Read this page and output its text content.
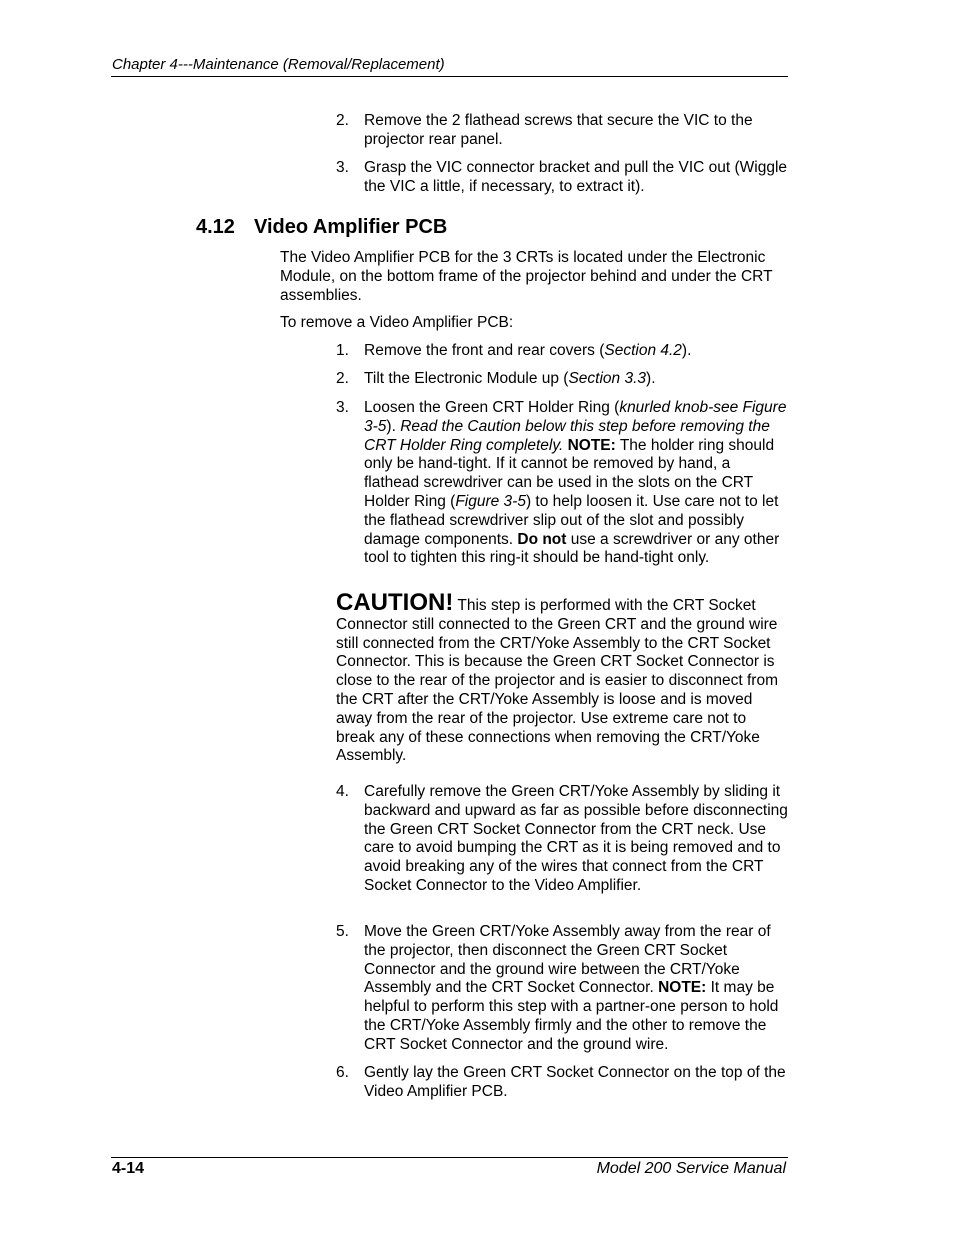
Chapter 4---Maintenance (Removal/Replacement)
2. Remove the 2 flathead screws that secure the VIC to the projector rear panel.
3. Grasp the VIC connector bracket and pull the VIC out (Wiggle the VIC a little, if necessary, to extract it).
4.12 Video Amplifier PCB
The Video Amplifier PCB for the 3 CRTs is located under the Electronic Module, on the bottom frame of the projector behind and under the CRT assemblies.
To remove a Video Amplifier PCB:
1. Remove the front and rear covers (Section 4.2).
2. Tilt the Electronic Module up (Section 3.3).
3. Loosen the Green CRT Holder Ring (knurled knob-see Figure 3-5). Read the Caution below this step before removing the CRT Holder Ring completely. NOTE: The holder ring should only be hand-tight. If it cannot be removed by hand, a flathead screwdriver can be used in the slots on the CRT Holder Ring (Figure 3-5) to help loosen it. Use care not to let the flathead screwdriver slip out of the slot and possibly damage components. Do not use a screwdriver or any other tool to tighten this ring-it should be hand-tight only.
CAUTION! This step is performed with the CRT Socket Connector still connected to the Green CRT and the ground wire still connected from the CRT/Yoke Assembly to the CRT Socket Connector. This is because the Green CRT Socket Connector is close to the rear of the projector and is easier to disconnect from the CRT after the CRT/Yoke Assembly is loose and is moved away from the rear of the projector. Use extreme care not to break any of these connections when removing the CRT/Yoke Assembly.
4. Carefully remove the Green CRT/Yoke Assembly by sliding it backward and upward as far as possible before disconnecting the Green CRT Socket Connector from the CRT neck. Use care to avoid bumping the CRT as it is being removed and to avoid breaking any of the wires that connect from the CRT Socket Connector to the Video Amplifier.
5. Move the Green CRT/Yoke Assembly away from the rear of the projector, then disconnect the Green CRT Socket Connector and the ground wire between the CRT/Yoke Assembly and the CRT Socket Connector. NOTE: It may be helpful to perform this step with a partner-one person to hold the CRT/Yoke Assembly firmly and the other to remove the CRT Socket Connector and the ground wire.
6. Gently lay the Green CRT Socket Connector on the top of the Video Amplifier PCB.
4-14	Model 200 Service Manual
